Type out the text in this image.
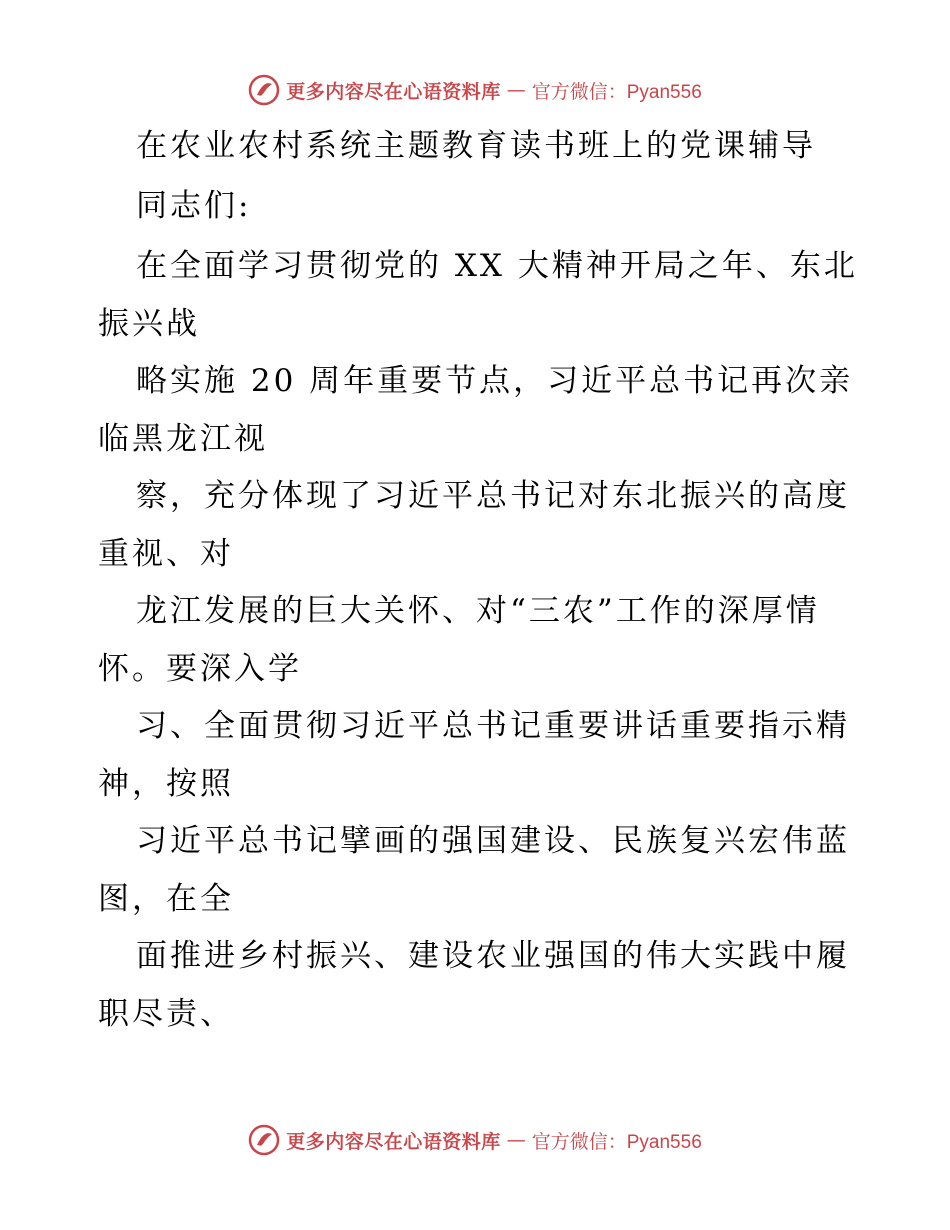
更多内容尽在心语资料库 — 官方微信：Pyan556
在农业农村系统主题教育读书班上的党课辅导
同志们:
在全面学习贯彻党的 XX 大精神开局之年、东北
振兴战
略实施 20 周年重要节点，习近平总书记再次亲
临黑龙江视
察，充分体现了习近平总书记对东北振兴的高度
重视、对
龙江发展的巨大关怀、对“三农”工作的深厚情
怀。要深入学
习、全面贯彻习近平总书记重要讲话重要指示精
神，按照
习近平总书记擘画的强国建设、民族复兴宏伟蓝
图，在全
面推进乡村振兴、建设农业强国的伟大实践中履
职尽责、
更多内容尽在心语资料库 — 官方微信：Pyan556
